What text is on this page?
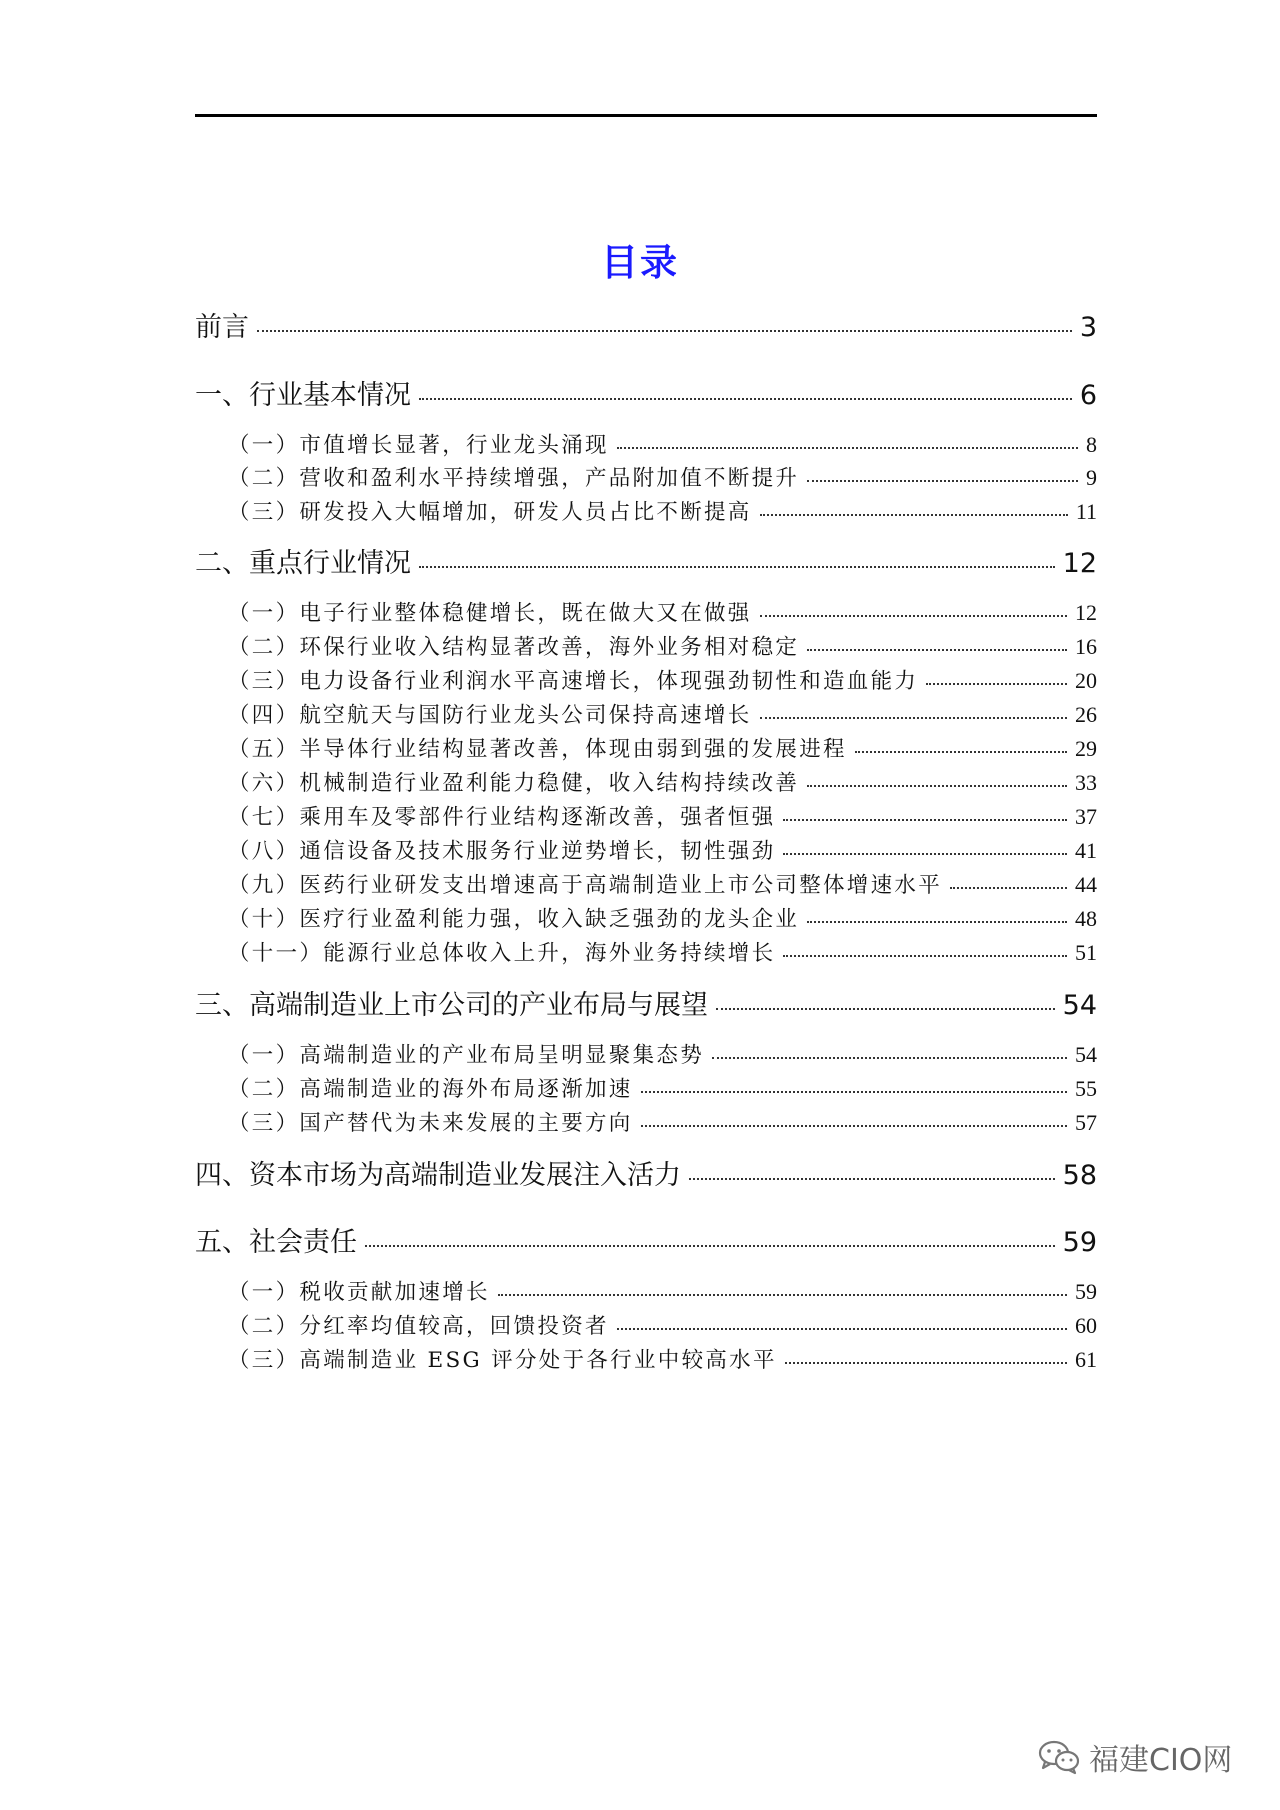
目录
前言	3
一、行业基本情况	6
（一）市值增长显著，行业龙头涌现	8
（二）营收和盈利水平持续增强，产品附加值不断提升	9
（三）研发投入大幅增加，研发人员占比不断提高	11
二、重点行业情况	12
（一）电子行业整体稳健增长，既在做大又在做强	12
（二）环保行业收入结构显著改善，海外业务相对稳定	16
（三）电力设备行业利润水平高速增长，体现强劲韧性和造血能力	20
（四）航空航天与国防行业龙头公司保持高速增长	26
（五）半导体行业结构显著改善，体现由弱到强的发展进程	29
（六）机械制造行业盈利能力稳健，收入结构持续改善	33
（七）乘用车及零部件行业结构逐渐改善，强者恒强	37
（八）通信设备及技术服务行业逆势增长，韧性强劲	41
（九）医药行业研发支出增速高于高端制造业上市公司整体增速水平	44
（十）医疗行业盈利能力强，收入缺乏强劲的龙头企业	48
（十一）能源行业总体收入上升，海外业务持续增长	51
三、高端制造业上市公司的产业布局与展望	54
（一）高端制造业的产业布局呈明显聚集态势	54
（二）高端制造业的海外布局逐渐加速	55
（三）国产替代为未来发展的主要方向	57
四、资本市场为高端制造业发展注入活力	58
五、社会责任	59
（一）税收贡献加速增长	59
（二）分红率均值较高，回馈投资者	60
（三）高端制造业 ESG 评分处于各行业中较高水平	61
福建CIO网
